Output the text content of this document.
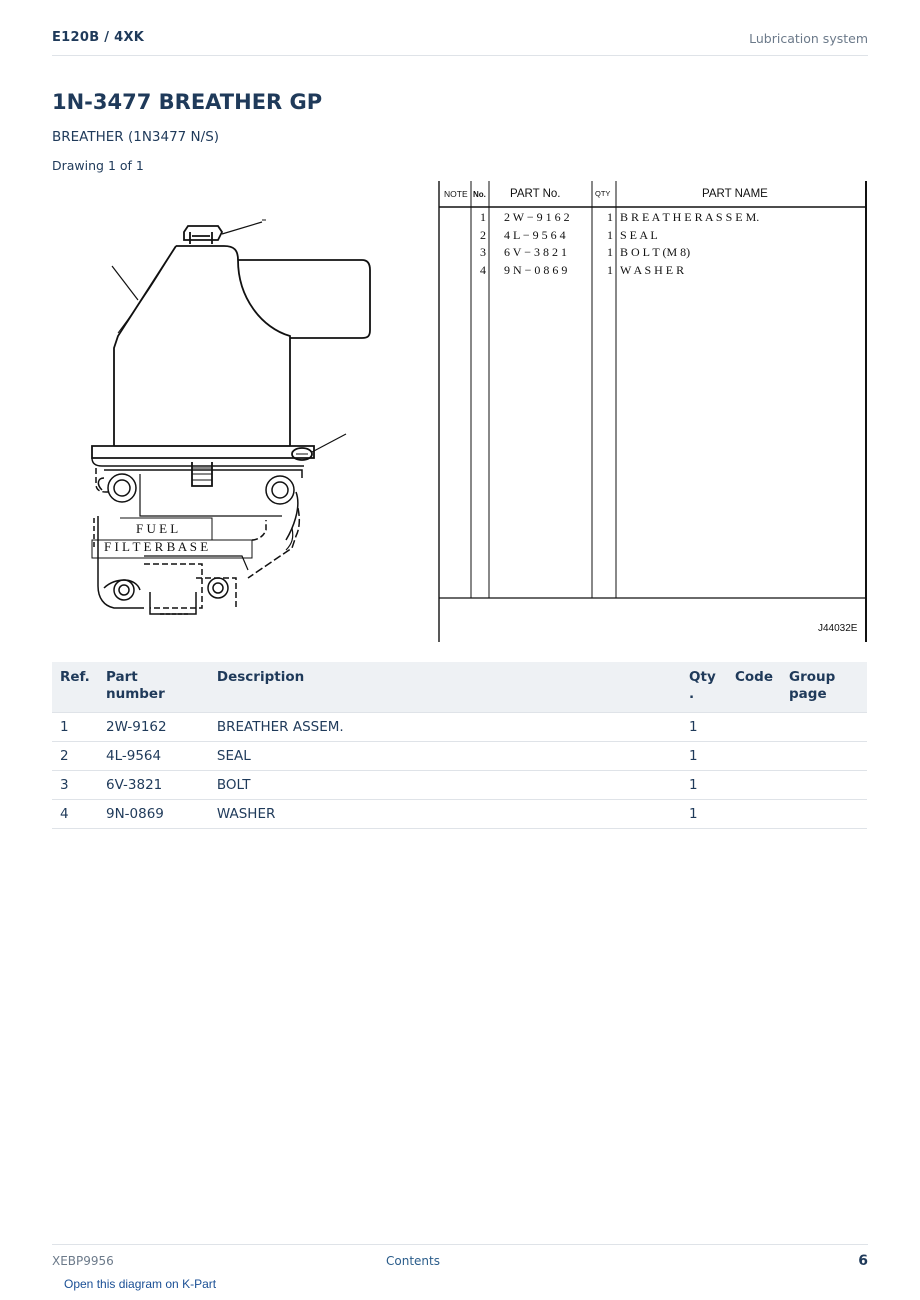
E120B / 4XK	Lubrication system
1N-3477 BREATHER GP
BREATHER (1N3477 N/S)
Drawing 1 of 1
F U E L
F I L T E R B A S E
NOTE No. PART No.	QTY	PART NAME
1 2 W − 9 1 6 2	1 B R E A T H E R A S S E M.
2 4 L − 9 5 6 4	1 S E A L
3 6 V − 3 8 2 1	1 B O L T (M 8)
4 9 N − 0 8 6 9	1 W A S H E R
J44032E
Ref.	Part number	Description	Qty
.	Code	Group page
1	2W-9162	BREATHER ASSEM.	1		
2	4L-9564	SEAL	1		
3	6V-3821	BOLT	1		
4	9N-0869	WASHER	1		
XEBP9956	Contents	6
Open this diagram on K-Part
